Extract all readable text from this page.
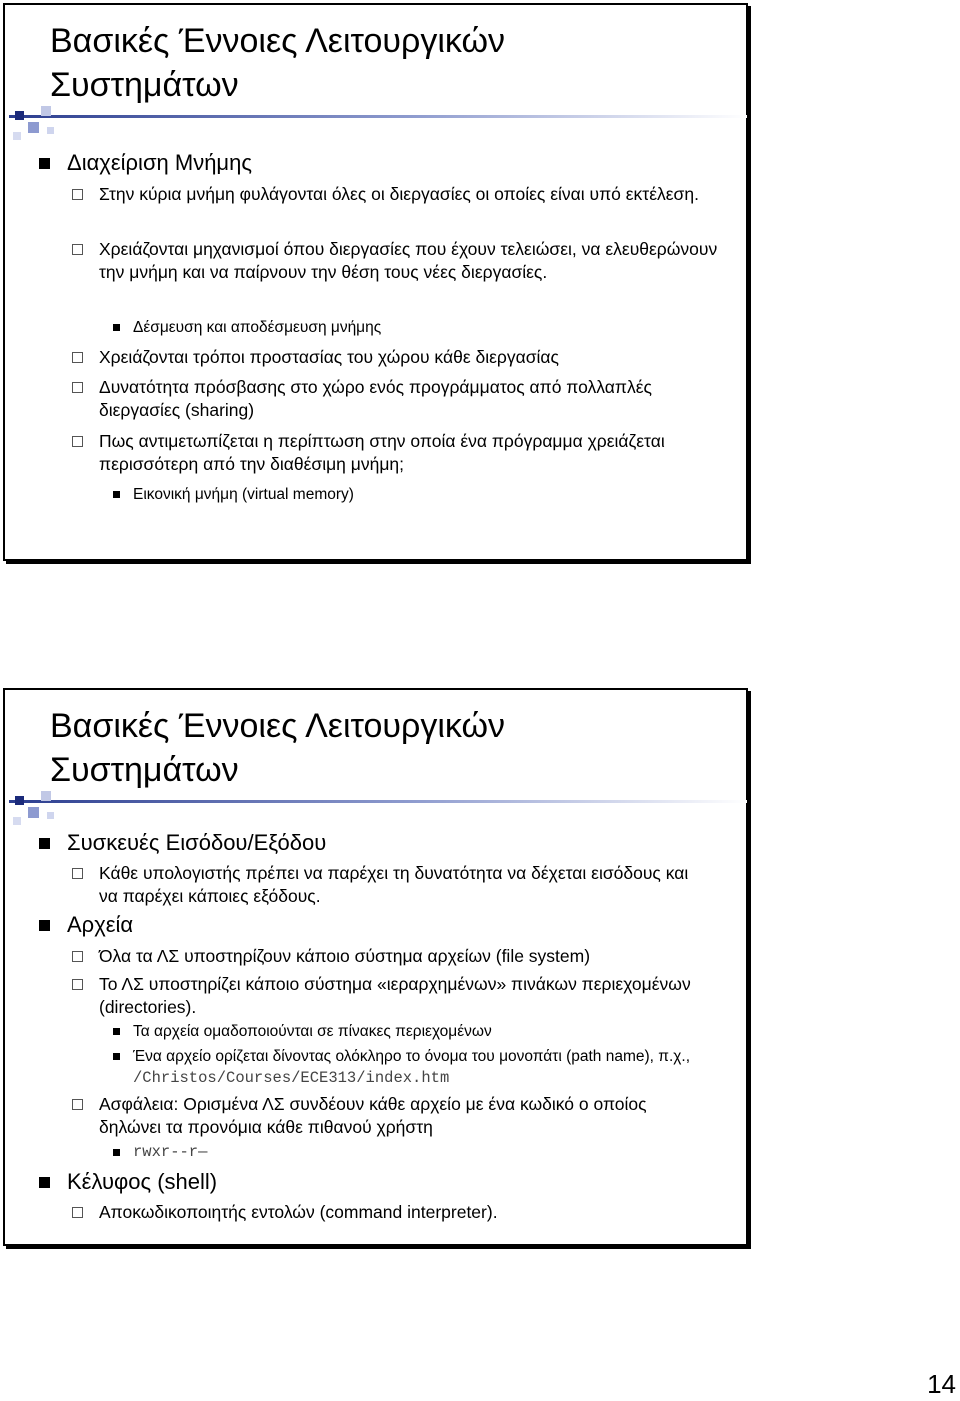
Βασικές Έννοιες Λειτουργικών
Συστημάτων
Διαχείριση Μνήμης
Στην κύρια μνήμη φυλάγονται όλες οι διεργασίες οι οποίες είναι υπό εκτέλεση.
Χρειάζονται μηχανισμοί όπου διεργασίες που έχουν τελειώσει, να ελευθερώνουν την μνήμη και να παίρνουν την θέση τους νέες διεργασίες.
Δέσμευση και αποδέσμευση μνήμης
Χρειάζονται τρόποι προστασίας του χώρου κάθε διεργασίας
Δυνατότητα πρόσβασης στο χώρο ενός προγράμματος από πολλαπλές διεργασίες (sharing)
Πως αντιμετωπίζεται η περίπτωση στην οποία ένα πρόγραμμα χρειάζεται περισσότερη από την διαθέσιμη μνήμη;
Εικονική μνήμη (virtual memory)
Βασικές Έννοιες Λειτουργικών
Συστημάτων
Συσκευές Εισόδου/Εξόδου
Κάθε υπολογιστής πρέπει να παρέχει τη δυνατότητα να δέχεται εισόδους και να παρέχει κάποιες εξόδους.
Αρχεία
Όλα τα ΛΣ υποστηρίζουν κάποιο σύστημα αρχείων (file system)
Το ΛΣ υποστηρίζει κάποιο σύστημα «ιεραρχημένων» πινάκων περιεχομένων (directories).
Τα αρχεία ομαδοποιούνται σε πίνακες περιεχομένων
Ένα αρχείο ορίζεται δίνοντας ολόκληρο το όνομα του μονοπάτι (path name), π.χ., /Christos/Courses/ECE313/index.htm
Ασφάλεια: Ορισμένα ΛΣ συνδέουν κάθε αρχείο με ένα κωδικό ο οποίος δηλώνει τα προνόμια κάθε πιθανού χρήστη
rwxr--r—
Κέλυφος (shell)
Αποκωδικοποιητής εντολών (command interpreter).
14
